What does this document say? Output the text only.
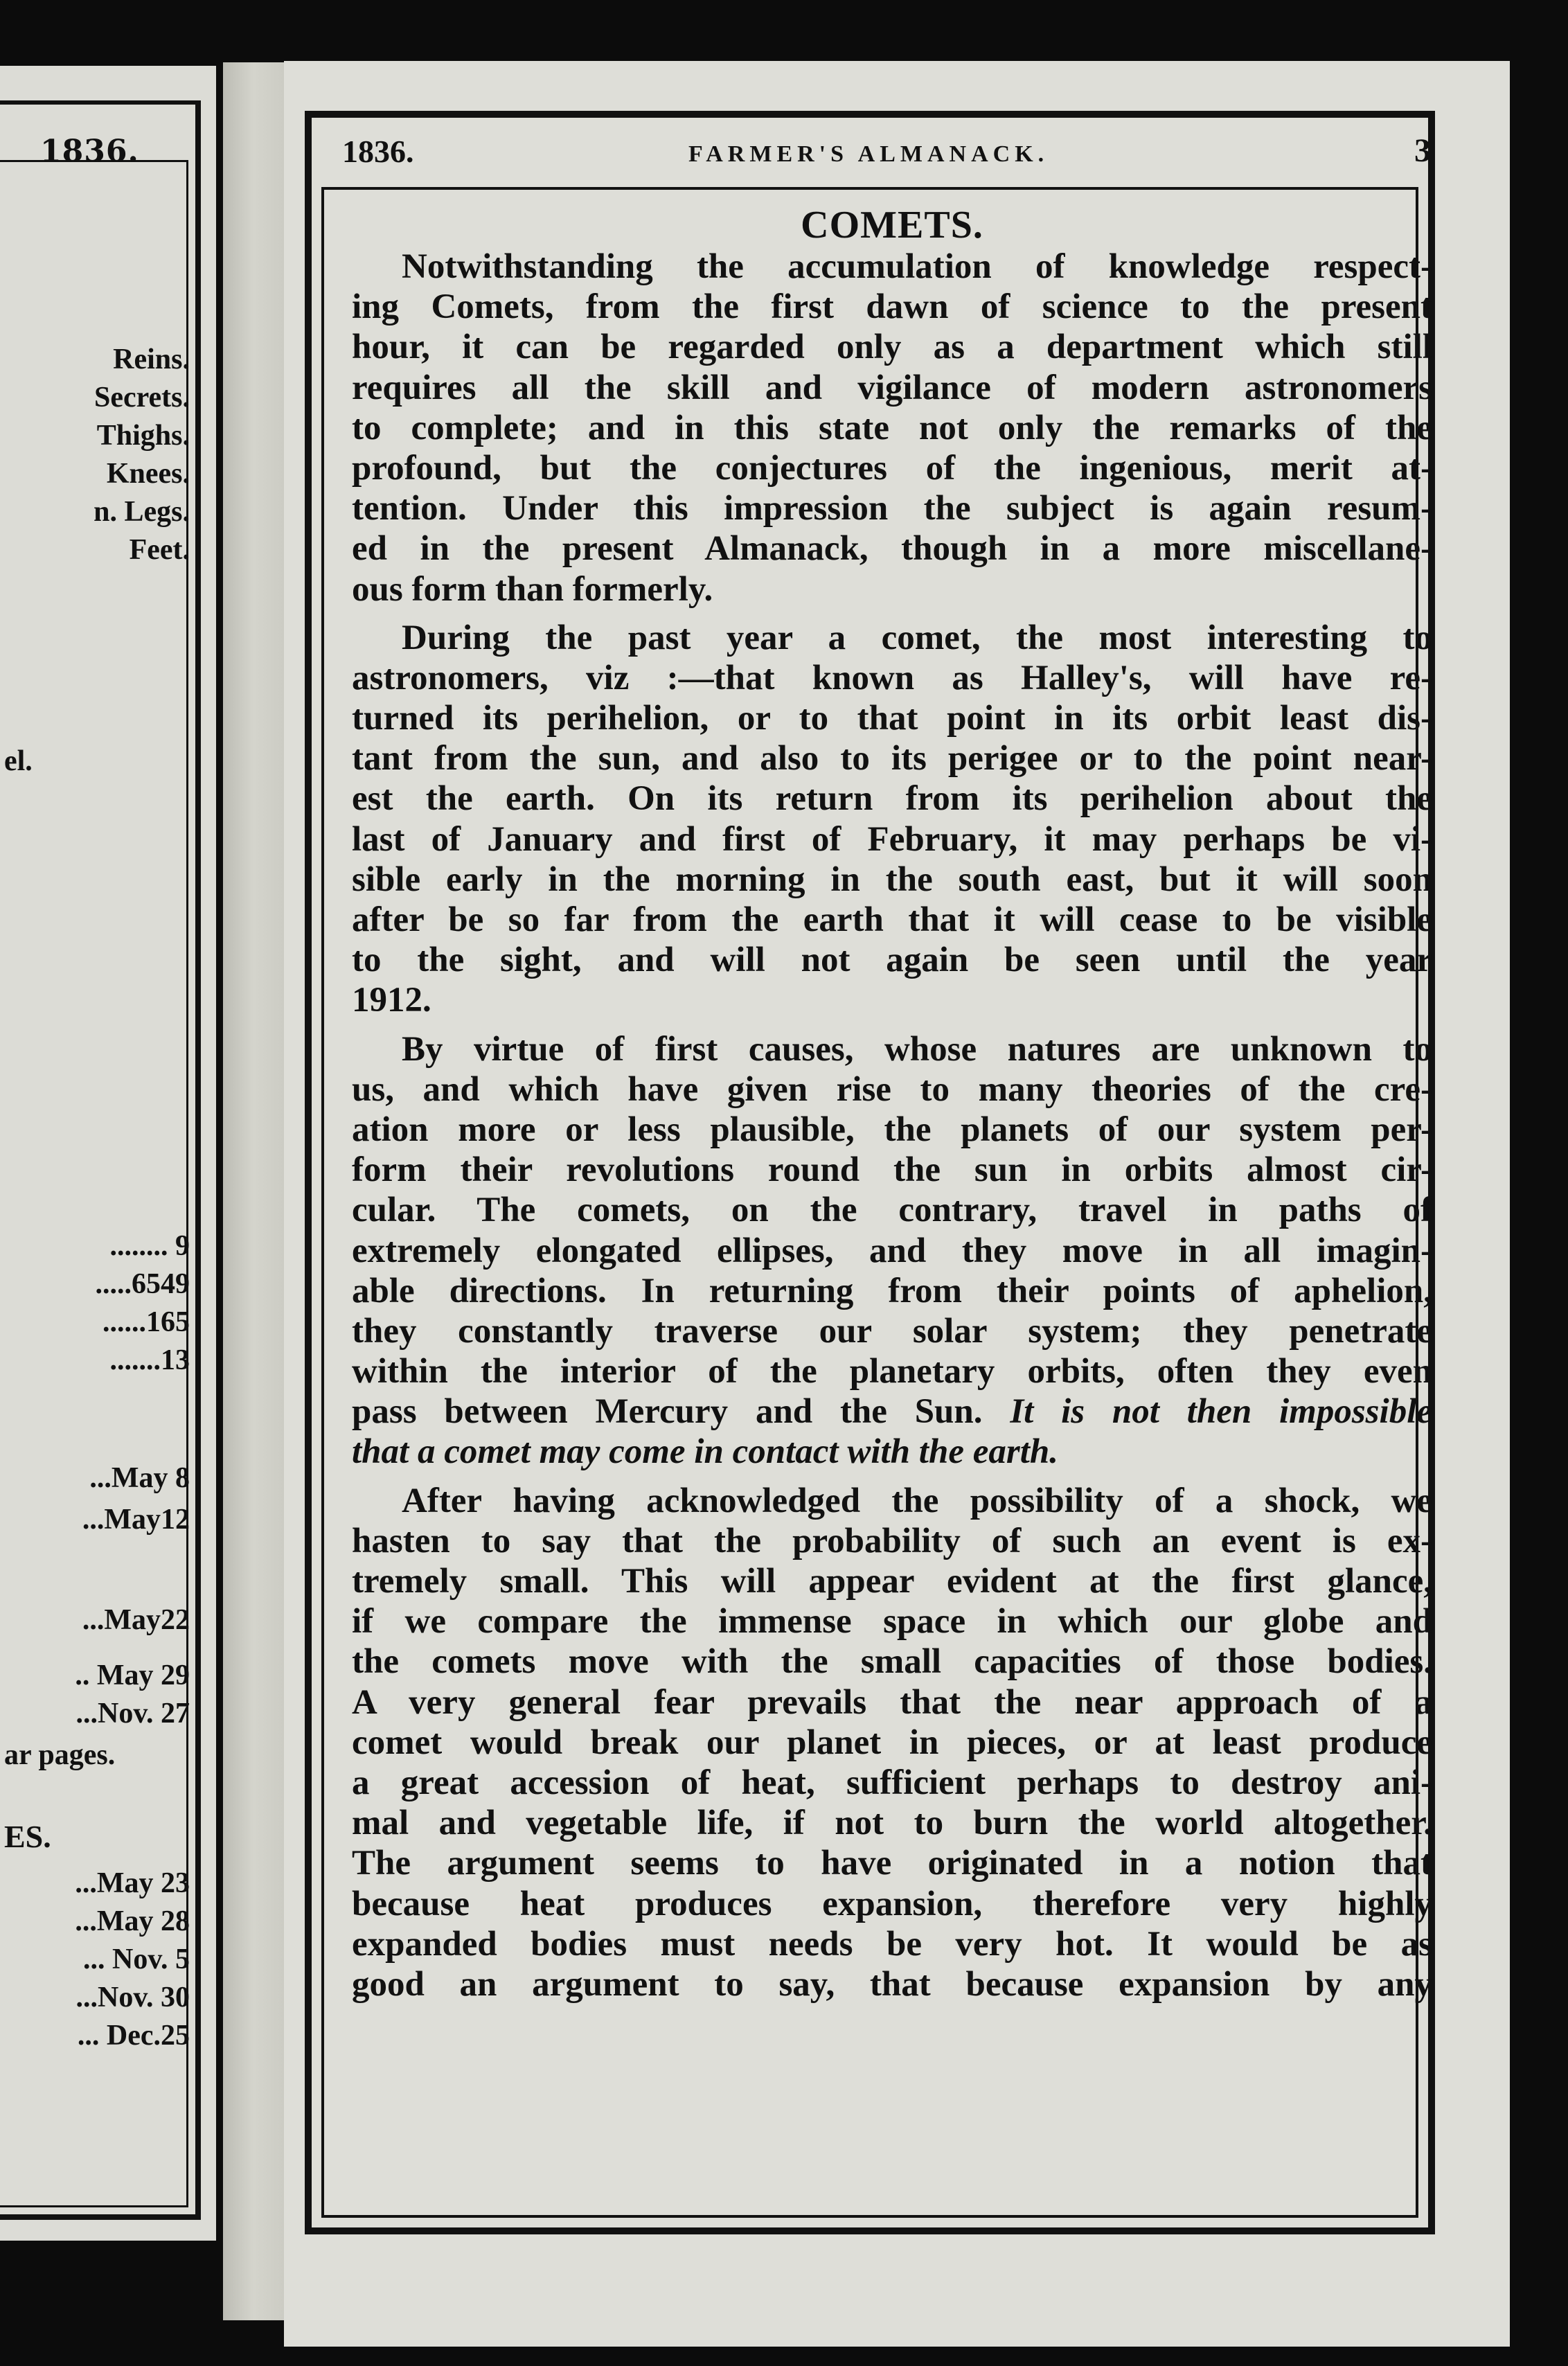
1836.
Reins.
Secrets.
Thighs.
Knees.
n. Legs.
Feet.
el.
........ 9
.....6549
......165
.......13
...May 8
...May12
...May22
.. May 29
...Nov. 27
ar pages.
ES.
...May 23
...May 28
... Nov. 5
...Nov. 30
... Dec.25
1836.	FARMER'S ALMANACK.	3
COMETS.
Notwithstanding the accumulation of knowledge respect-
ing Comets, from the first dawn of science to the present
hour, it can be regarded only as a department which still
requires all the skill and vigilance of modern astronomers
to complete; and in this state not only the remarks of the
profound, but the conjectures of the ingenious, merit at-
tention. Under this impression the subject is again resum-
ed in the present Almanack, though in a more miscellane-
ous form than formerly.
During the past year a comet, the most interesting to
astronomers, viz :—that known as Halley's, will have re-
turned its perihelion, or to that point in its orbit least dis-
tant from the sun, and also to its perigee or to the point near-
est the earth. On its return from its perihelion about the
last of January and first of February, it may perhaps be vi-
sible early in the morning in the south east, but it will soon
after be so far from the earth that it will cease to be visible
to the sight, and will not again be seen until the year
1912.
By virtue of first causes, whose natures are unknown to
us, and which have given rise to many theories of the cre-
ation more or less plausible, the planets of our system per-
form their revolutions round the sun in orbits almost cir-
cular. The comets, on the contrary, travel in paths of
extremely elongated ellipses, and they move in all imagin-
able directions. In returning from their points of aphelion,
they constantly traverse our solar system; they penetrate
within the interior of the planetary orbits, often they even
pass between Mercury and the Sun. It is not then impossible
that a comet may come in contact with the earth.
After having acknowledged the possibility of a shock, we
hasten to say that the probability of such an event is ex-
tremely small. This will appear evident at the first glance,
if we compare the immense space in which our globe and
the comets move with the small capacities of those bodies.
A very general fear prevails that the near approach of a
comet would break our planet in pieces, or at least produce
a great accession of heat, sufficient perhaps to destroy ani-
mal and vegetable life, if not to burn the world altogether.
The argument seems to have originated in a notion that
because heat produces expansion, therefore very highly
expanded bodies must needs be very hot. It would be as
good an argument to say, that because expansion by any
